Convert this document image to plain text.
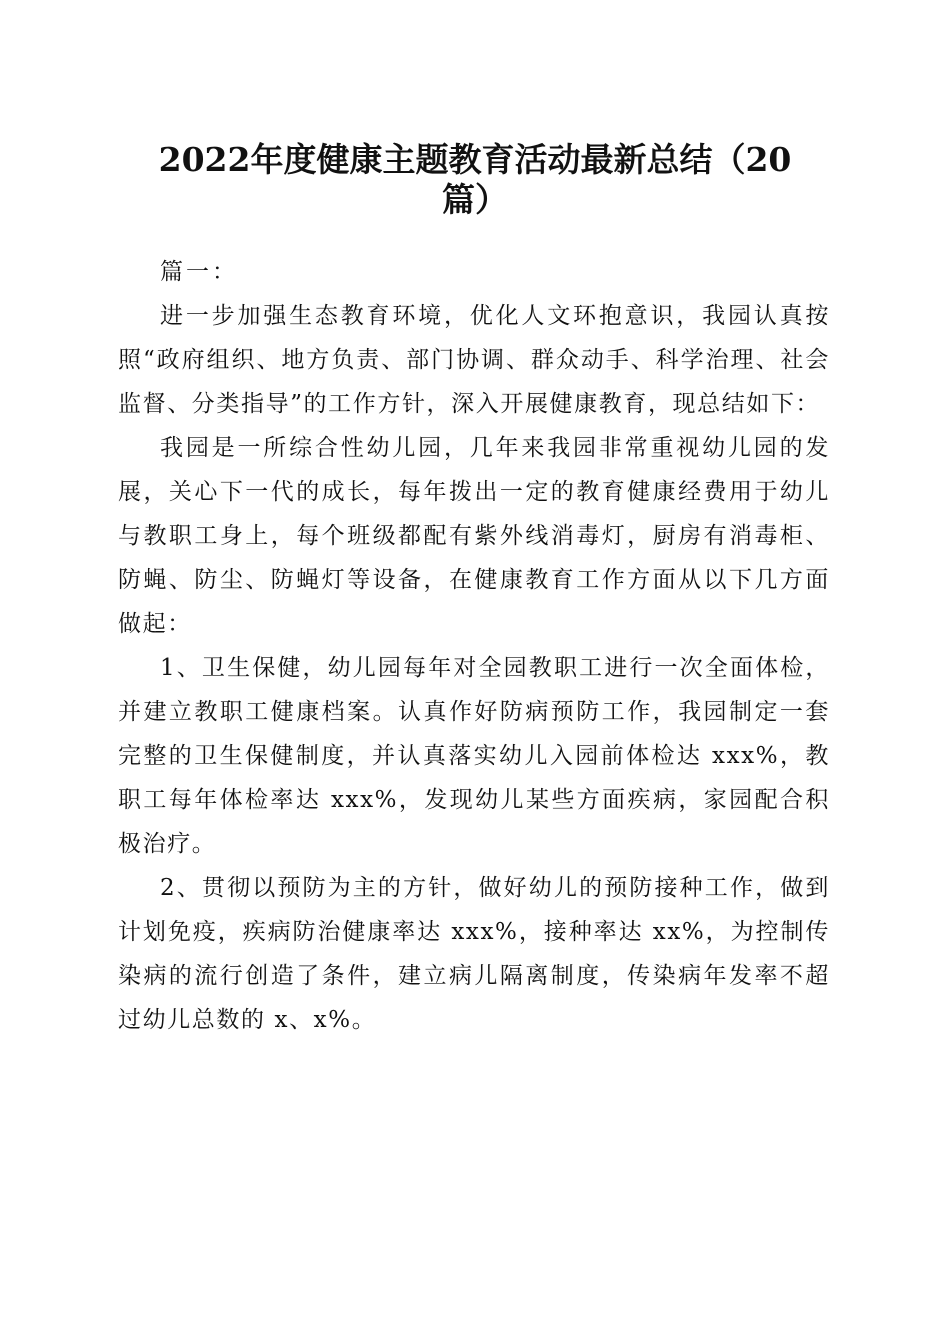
2022年度健康主题教育活动最新总结（20
篇）

篇一：

进一步加强生态教育环境，优化人文环抱意识，我园认真按照“政府组织、地方负责、部门协调、群众动手、科学治理、社会监督、分类指导”的工作方针，深入开展健康教育，现总结如下：

我园是一所综合性幼儿园，几年来我园非常重视幼儿园的发展，关心下一代的成长，每年拨出一定的教育健康经费用于幼儿与教职工身上，每个班级都配有紫外线消毒灯，厨房有消毒柜、防蝇、防尘、防蝇灯等设备，在健康教育工作方面从以下几方面做起：

1、卫生保健，幼儿园每年对全园教职工进行一次全面体检，并建立教职工健康档案。认真作好防病预防工作，我园制定一套完整的卫生保健制度，并认真落实幼儿入园前体检达 xxx%，教职工每年体检率达 xxx%，发现幼儿某些方面疾病，家园配合积极治疗。

2、贯彻以预防为主的方针，做好幼儿的预防接种工作，做到计划免疫，疾病防治健康率达 xxx%，接种率达 xx%，为控制传染病的流行创造了条件，建立病儿隔离制度，传染病年发率不超过幼儿总数的 x、x%。
